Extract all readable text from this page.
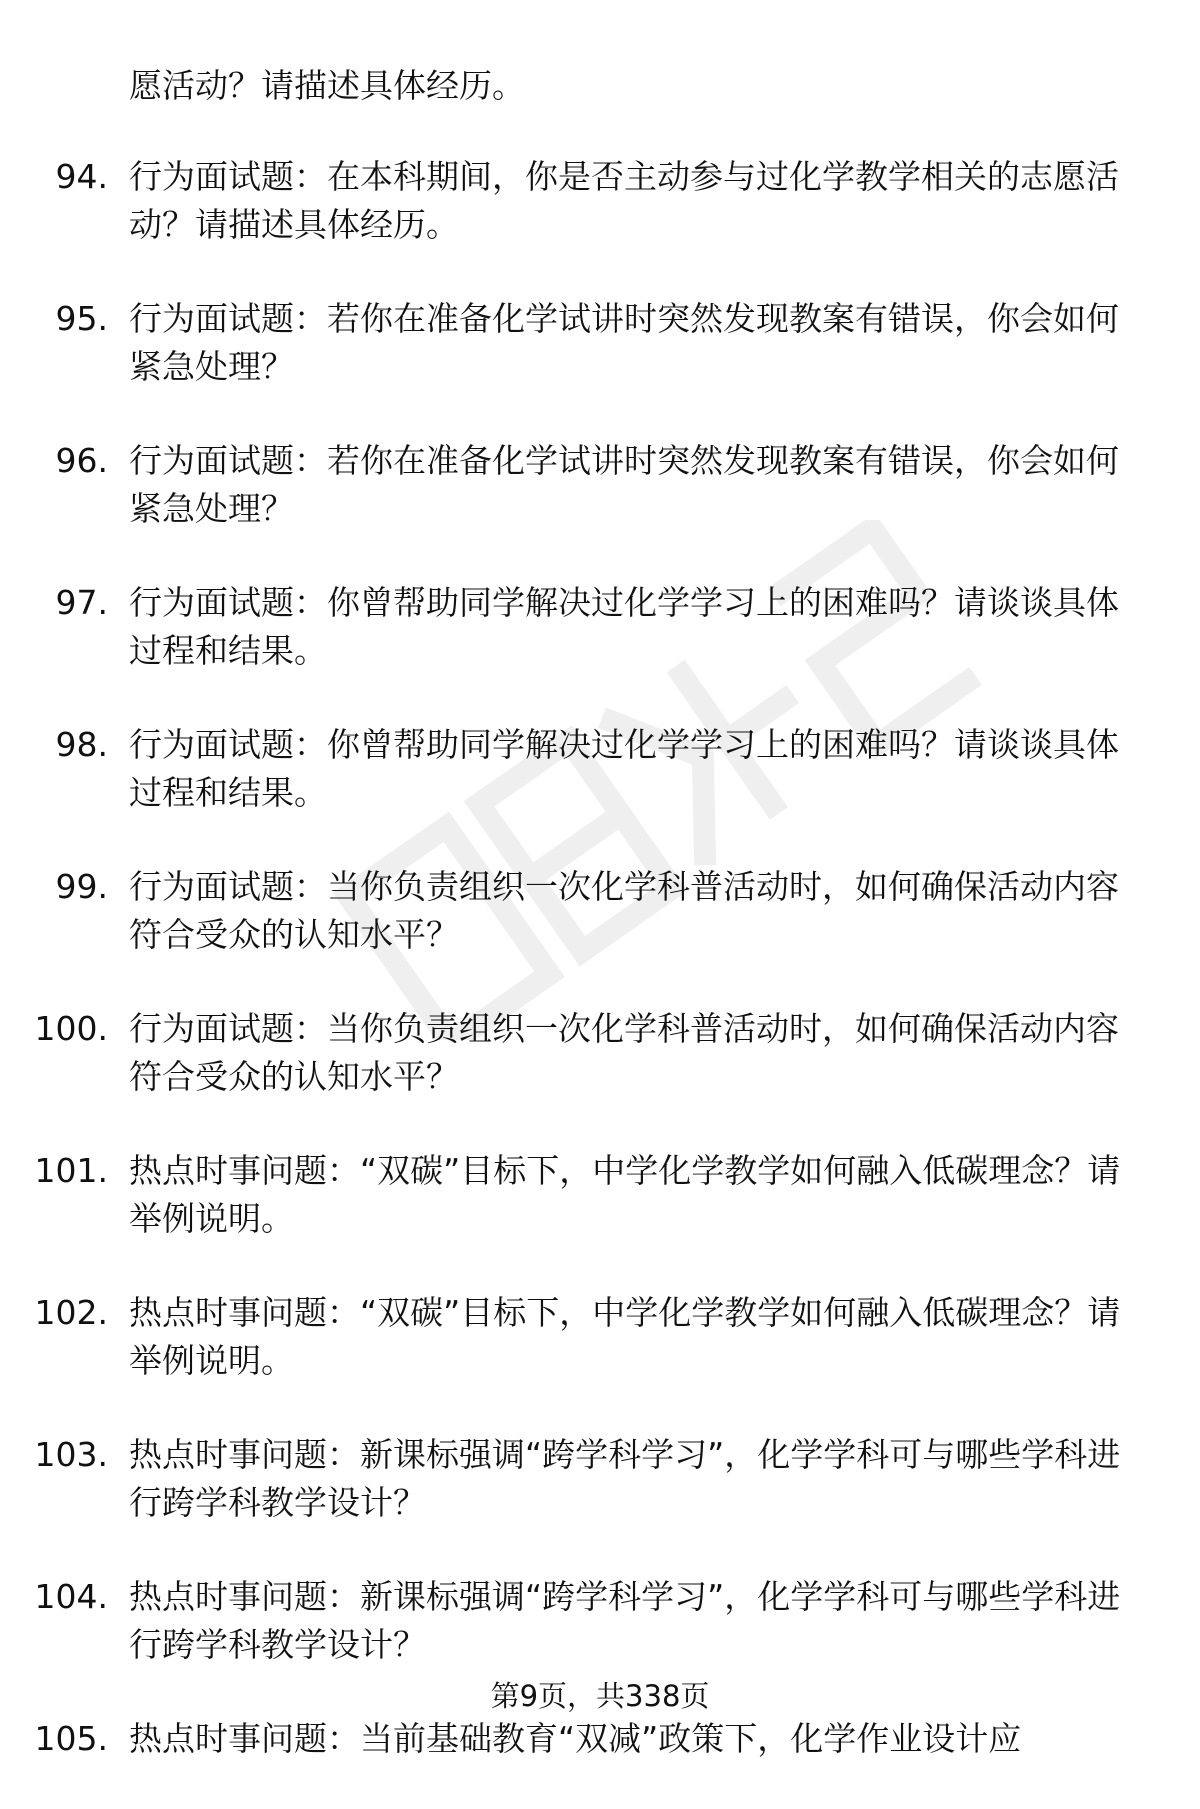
愿活动？请描述具体经历。
94. 行为面试题：在本科期间，你是否主动参与过化学教学相关的志愿活动？请描述具体经历。
95. 行为面试题：若你在准备化学试讲时突然发现教案有错误，你会如何紧急处理？
96. 行为面试题：若你在准备化学试讲时突然发现教案有错误，你会如何紧急处理？
97. 行为面试题：你曾帮助同学解决过化学学习上的困难吗？请谈谈具体过程和结果。
98. 行为面试题：你曾帮助同学解决过化学学习上的困难吗？请谈谈具体过程和结果。
99. 行为面试题：当你负责组织一次化学科普活动时，如何确保活动内容符合受众的认知水平？
100. 行为面试题：当你负责组织一次化学科普活动时，如何确保活动内容符合受众的认知水平？
101. 热点时事问题：“双碳”目标下，中学化学教学如何融入低碳理念？请举例说明。
102. 热点时事问题：“双碳”目标下，中学化学教学如何融入低碳理念？请举例说明。
103. 热点时事问题：新课标强调“跨学科学习”，化学学科可与哪些学科进行跨学科教学设计？
104. 热点时事问题：新课标强调“跨学科学习”，化学学科可与哪些学科进行跨学科教学设计？
105. 热点时事问题：当前基础教育“双减”政策下，化学作业设计应
第9页，共338页
